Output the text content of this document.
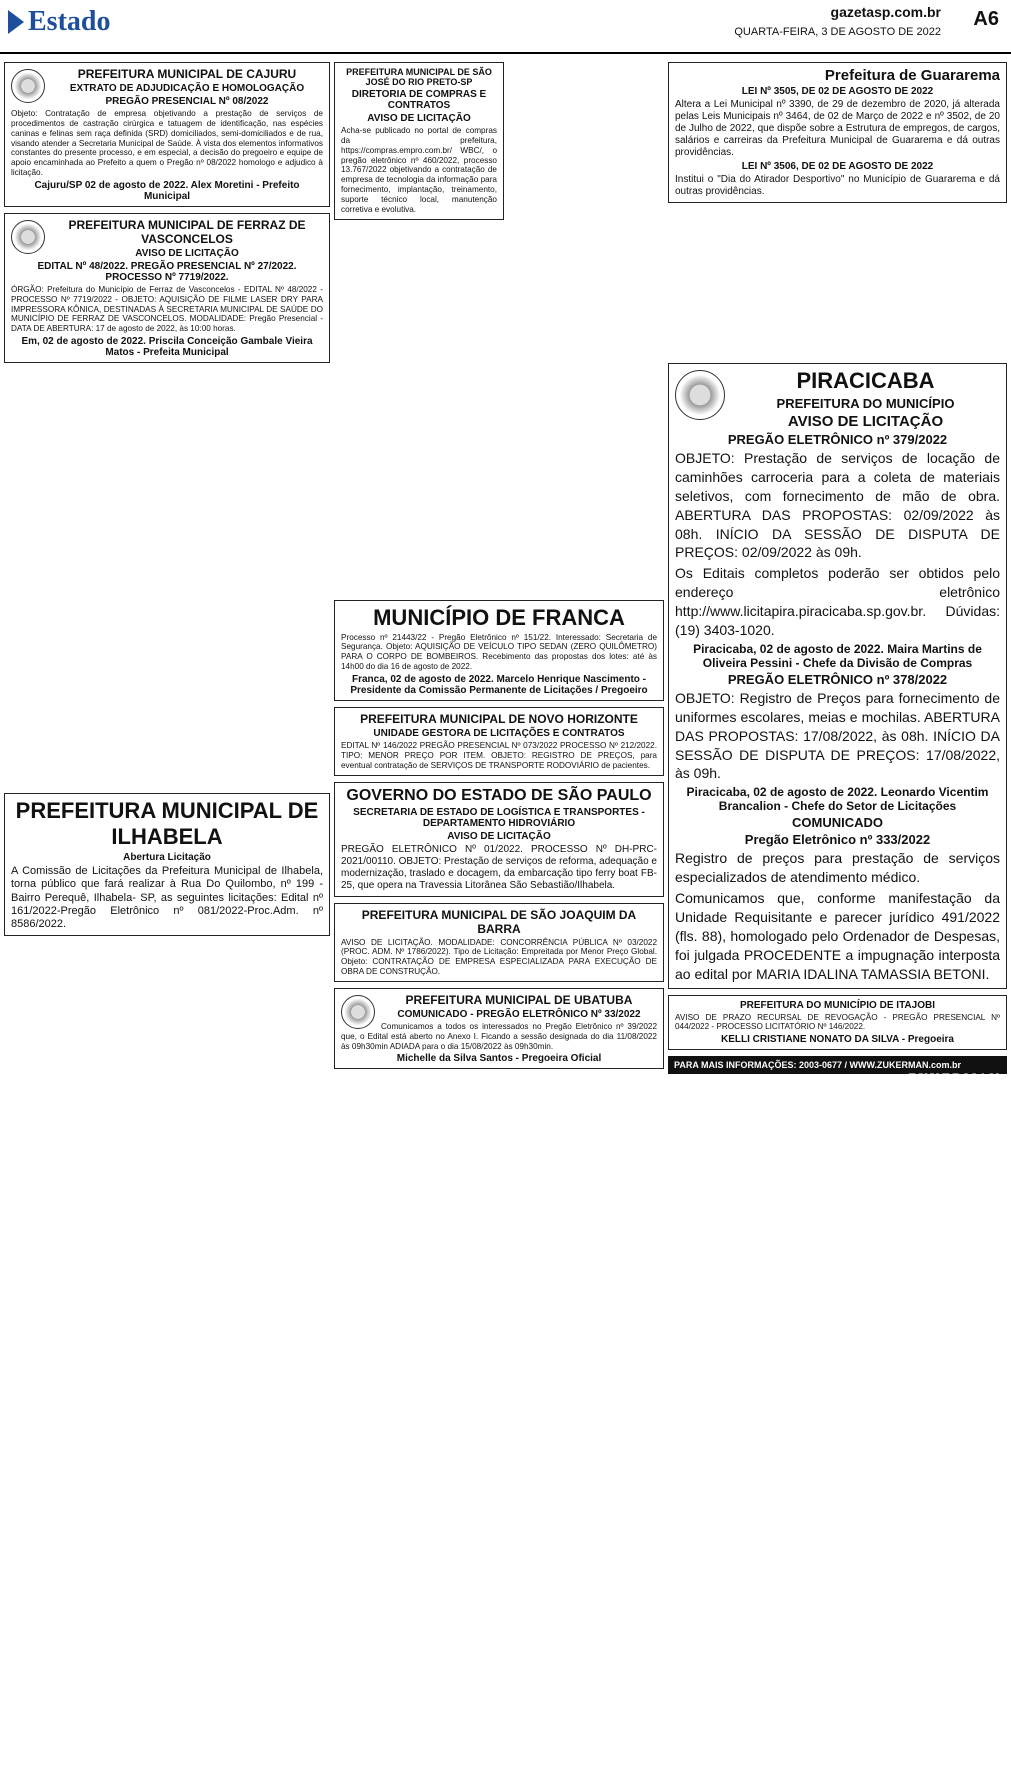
Estado	gazetasp.com.br
QUARTA-FEIRA, 3 DE AGOSTO DE 2022
A6
PREFEITURA MUNICIPAL DE CAJURU
EXTRATO DE ADJUDICAÇÃO E HOMOLOGAÇÃO
PREGÃO PRESENCIAL Nº 08/2022

Objeto: Contratação de empresa objetivando a prestação de serviços de procedimentos de castração cirúrgica e tatuagem de identificação, nas espécies caninas e felinas sem raça definida (SRD) domiciliados, semi-domiciliados e de rua, visando atender a Secretaria Municipal de Saúde. À vista dos elementos informativos constantes do presente processo, e em especial, a decisão do pregoeiro e equipe de apoio encaminhada ao Prefeito a quem o Pregão nº 08/2022 homologo e adjudico à licitação.

Cajuru/SP 02 de agosto de 2022. Alex Moretini - Prefeito Municipal
PREFEITURA MUNICIPAL DE FERRAZ DE VASCONCELOS
AVISO DE LICITAÇÃO
EDITAL Nº 48/2022. PREGÃO PRESENCIAL Nº 27/2022. PROCESSO Nº 7719/2022.

ÓRGÃO: Prefeitura do Município de Ferraz de Vasconcelos - EDITAL Nº 48/2022 - PROCESSO Nº 7719/2022 - OBJETO: AQUISIÇÃO DE FILME LASER DRY PARA IMPRESSORA KÔNICA, DESTINADAS À SECRETARIA MUNICIPAL DE SAÚDE DO MUNICÍPIO DE FERRAZ DE VASCONCELOS. MODALIDADE: Pregão Presencial - DATA DE ABERTURA: 17 de agosto de 2022, às 10:00 horas.

Em, 02 de agosto de 2022. Priscila Conceição Gambale Vieira Matos - Prefeita Municipal
PREFEITURA MUNICIPAL DE ILHABELA
Abertura Licitação

A Comissão de Licitações da Prefeitura Municipal de Ilhabela, torna público que fará realizar à Rua Do Quilombo, nº 199 - Bairro Perequê, Ilhabela- SP, as seguintes licitações: Edital nº 161/2022-Pregão Eletrônico nº 081/2022-Proc.Adm. nº 8586/2022.

PREFEITURA MUNICIPAL DE SÃO JOSÉ DO RIO PRETO-SP
DIRETORIA DE COMPRAS E CONTRATOS
AVISO DE LICITAÇÃO

Acha-se publicado no portal de compras da prefeitura, https://compras.empro.com.br/ WBC/, o pregão eletrônico nº 460/2022, processo 13.767/2022 objetivando a contratação de empresa de tecnologia da informação para fornecimento, implantação, treinamento, suporte técnico local, manutenção corretiva e evolutiva.

MUNICÍPIO DE FRANCA

Processo nº 21443/22 - Pregão Eletrônico nº 151/22. Interessado: Secretaria de Segurança. Objeto: AQUISIÇÃO DE VEÍCULO TIPO SEDAN (ZERO QUILÔMETRO) PARA O CORPO DE BOMBEIROS. Recebimento das propostas dos lotes: até às 14h00 do dia 16 de agosto de 2022.

Franca, 02 de agosto de 2022. Marcelo Henrique Nascimento - Presidente da Comissão Permanente de Licitações / Pregoeiro
PREFEITURA MUNICIPAL DE NOVO HORIZONTE
UNIDADE GESTORA DE LICITAÇÕES E CONTRATOS

EDITAL Nº 146/2022 PREGÃO PRESENCIAL Nº 073/2022 PROCESSO Nº 212/2022. TIPO: MENOR PREÇO POR ITEM. OBJETO: REGISTRO DE PREÇOS, para eventual contratação de SERVIÇOS DE TRANSPORTE RODOVIÁRIO de pacientes.

GOVERNO DO ESTADO DE SÃO PAULO
SECRETARIA DE ESTADO DE LOGÍSTICA E TRANSPORTES - DEPARTAMENTO HIDROVIÁRIO
AVISO DE LICITAÇÃO

PREGÃO ELETRÔNICO Nº 01/2022. PROCESSO Nº DH-PRC-2021/00110. OBJETO: Prestação de serviços de reforma, adequação e modernização, traslado e docagem, da embarcação tipo ferry boat FB-25, que opera na Travessia Litorânea São Sebastião/Ilhabela.

PREFEITURA MUNICIPAL DE SÃO JOAQUIM DA BARRA

AVISO DE LICITAÇÃO. MODALIDADE: CONCORRÊNCIA PÚBLICA Nº 03/2022 (PROC. ADM. Nº 1786/2022). Tipo de Licitação: Empreitada por Menor Preço Global. Objeto: CONTRATAÇÃO DE EMPRESA ESPECIALIZADA PARA EXECUÇÃO DE OBRA DE CONSTRUÇÃO.

PREFEITURA MUNICIPAL DE UBATUBA
COMUNICADO - PREGÃO ELETRÔNICO Nº 33/2022

Comunicamos a todos os interessados no Pregão Eletrônico nº 39/2022 que, o Edital está aberto no Anexo I. Ficando a sessão designada do dia 11/08/2022 às 09h30min ADIADA para o dia 15/08/2022 às 09h30min.

Michelle da Silva Santos - Pregoeira Oficial
Prefeitura de Guararema
LEI Nº 3505, DE 02 DE AGOSTO DE 2022

Altera a Lei Municipal nº 3390, de 29 de dezembro de 2020, já alterada pelas Leis Municipais nº 3464, de 02 de Março de 2022 e nº 3502, de 20 de Julho de 2022, que dispõe sobre a Estrutura de empregos, de cargos, salários e carreiras da Prefeitura Municipal de Guararema e dá outras providências.

LEI Nº 3506, DE 02 DE AGOSTO DE 2022

Institui o "Dia do Atirador Desportivo" no Município de Guararema e dá outras providências.

PIRACICABA
PREFEITURA DO MUNICÍPIO
AVISO DE LICITAÇÃO
PREGÃO ELETRÔNICO nº 379/2022

OBJETO: Prestação de serviços de locação de caminhões carroceria para a coleta de materiais seletivos, com fornecimento de mão de obra. ABERTURA DAS PROPOSTAS: 02/09/2022 às 08h. INÍCIO DA SESSÃO DE DISPUTA DE PREÇOS: 02/09/2022 às 09h.

Os Editais completos poderão ser obtidos pelo endereço eletrônico http://www.licitapira.piracicaba.sp.gov.br. Dúvidas: (19) 3403-1020.

Piracicaba, 02 de agosto de 2022. Maira Martins de Oliveira Pessini - Chefe da Divisão de Compras
PREGÃO ELETRÔNICO nº 378/2022

OBJETO: Registro de Preços para fornecimento de uniformes escolares, meias e mochilas. ABERTURA DAS PROPOSTAS: 17/08/2022, às 08h. INÍCIO DA SESSÃO DE DISPUTA DE PREÇOS: 17/08/2022, às 09h.

Piracicaba, 02 de agosto de 2022. Leonardo Vicentim Brancalion - Chefe do Setor de Licitações
COMUNICADO
Pregão Eletrônico nº 333/2022

Registro de preços para prestação de serviços especializados de atendimento médico.

Comunicamos que, conforme manifestação da Unidade Requisitante e parecer jurídico 491/2022 (fls. 88), homologado pelo Ordenador de Despesas, foi julgada PROCEDENTE a impugnação interposta ao edital por MARIA IDALINA TAMASSIA BETONI.

PREFEITURA DO MUNICÍPIO DE ITAJOBI

AVISO DE PRAZO RECURSAL DE REVOGAÇÃO - PREGÃO PRESENCIAL Nº 044/2022 - PROCESSO LICITATÓRIO Nº 146/2022.

KELLI CRISTIANE NONATO DA SILVA - Pregoeira
PARA MAIS INFORMAÇÕES: 2003-0677 / WWW.ZUKERMAN.com.br
ZUKERMAN
